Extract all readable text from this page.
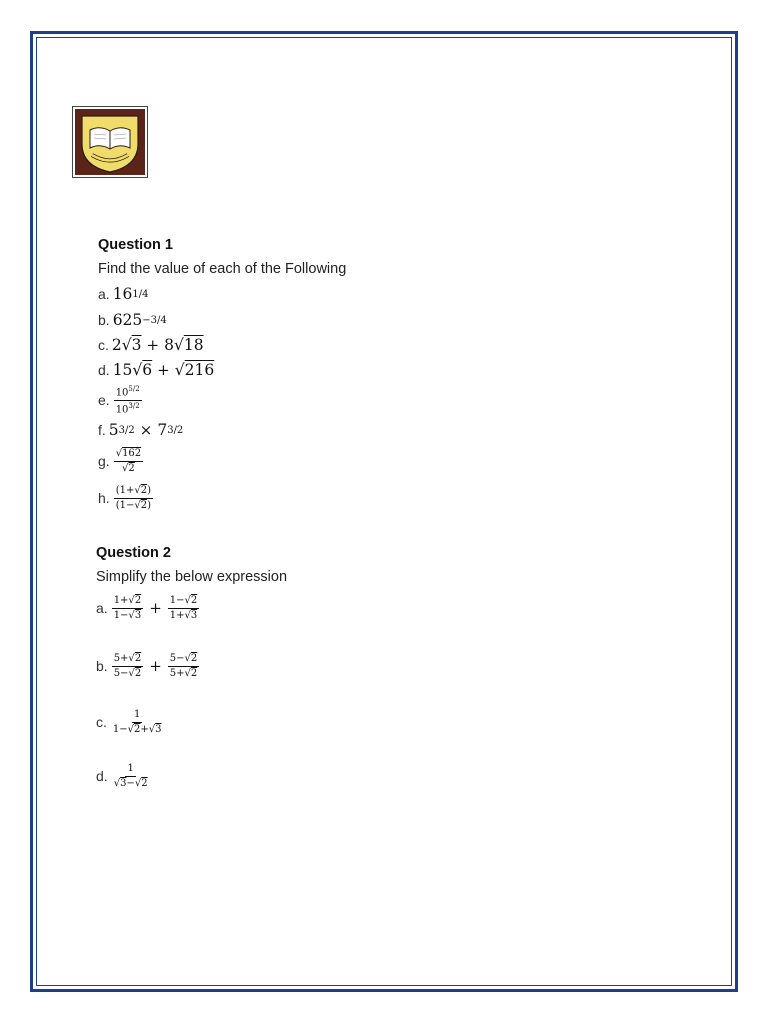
Question 1
Find the value of each of the Following
a. 16 1/4
b. 625 −3/4
c. 2√ 3 + 8√ 18
d. 15√ 6 + √ 216
e. $\frac{10^{5/2}}{10^{3/2}}$
f. 5 3/2 × 7 3/2
g. $\frac{√162}{√2}$
h. $\frac{(1+√2)}{(1-√2)}$
Question 2
Simplify the below expression
a. $\frac{1+√2}{1-√3} + \frac{1-√2}{1+√3}$
b. $\frac{5+√2}{5-√2} + \frac{5-√2}{5+√2}$
c. $\frac{1}{1-√2+√3}$
d. $\frac{1}{√3-√2}$
